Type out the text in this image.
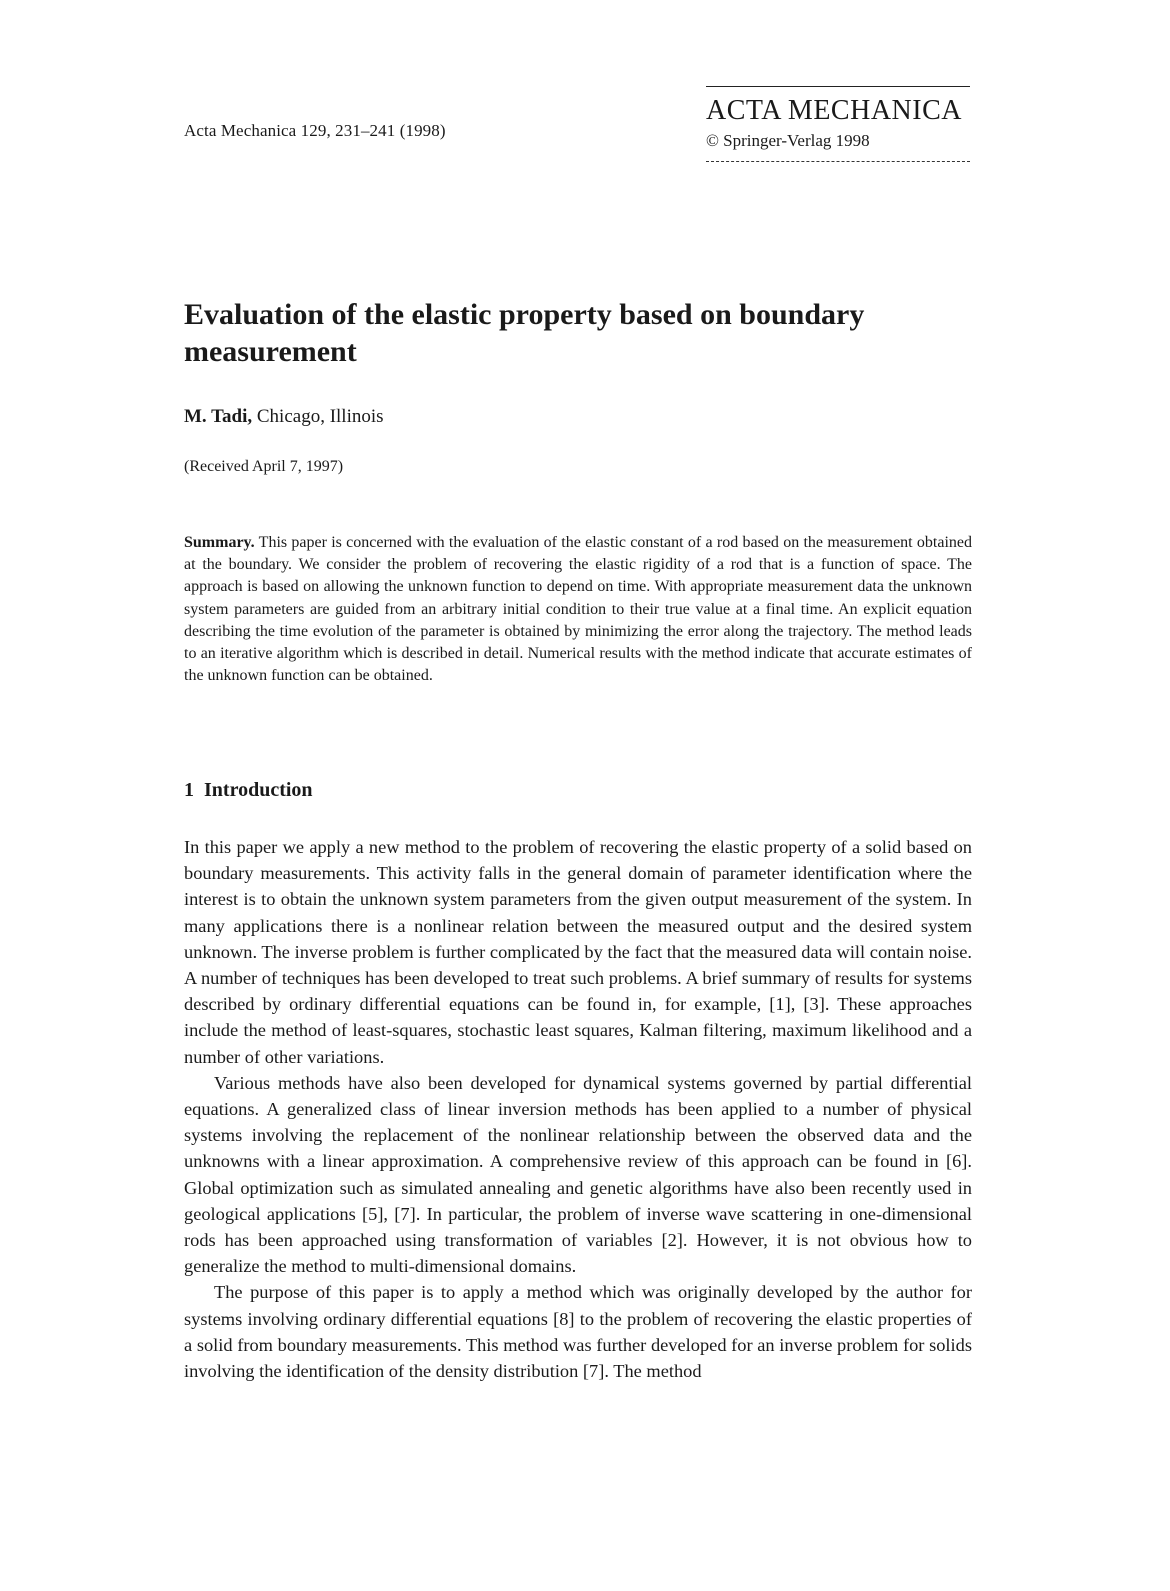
Acta Mechanica 129, 231–241 (1998)
ACTA MECHANICA
© Springer-Verlag 1998
Evaluation of the elastic property based on boundary measurement
M. Tadi, Chicago, Illinois
(Received April 7, 1997)

Summary. This paper is concerned with the evaluation of the elastic constant of a rod based on the measurement obtained at the boundary. We consider the problem of recovering the elastic rigidity of a rod that is a function of space. The approach is based on allowing the unknown function to depend on time. With appropriate measurement data the unknown system parameters are guided from an arbitrary initial condition to their true value at a final time. An explicit equation describing the time evolution of the parameter is obtained by minimizing the error along the trajectory. The method leads to an iterative algorithm which is described in detail. Numerical results with the method indicate that accurate estimates of the unknown function can be obtained.

1 Introduction

In this paper we apply a new method to the problem of recovering the elastic property of a solid based on boundary measurements. This activity falls in the general domain of parameter identification where the interest is to obtain the unknown system parameters from the given output measurement of the system. In many applications there is a nonlinear relation between the measured output and the desired system unknown. The inverse problem is further complicated by the fact that the measured data will contain noise. A number of techniques has been developed to treat such problems. A brief summary of results for systems described by ordinary differential equations can be found in, for example, [1], [3]. These approaches include the method of least-squares, stochastic least squares, Kalman filtering, maximum likelihood and a number of other variations.

Various methods have also been developed for dynamical systems governed by partial differential equations. A generalized class of linear inversion methods has been applied to a number of physical systems involving the replacement of the nonlinear relationship between the observed data and the unknowns with a linear approximation. A comprehensive review of this approach can be found in [6]. Global optimization such as simulated annealing and genetic algorithms have also been recently used in geological applications [5], [7]. In particular, the problem of inverse wave scattering in one-dimensional rods has been approached using transformation of variables [2]. However, it is not obvious how to generalize the method to multi-dimensional domains.

The purpose of this paper is to apply a method which was originally developed by the author for systems involving ordinary differential equations [8] to the problem of recovering the elastic properties of a solid from boundary measurements. This method was further developed for an inverse problem for solids involving the identification of the density distribution [7]. The method
